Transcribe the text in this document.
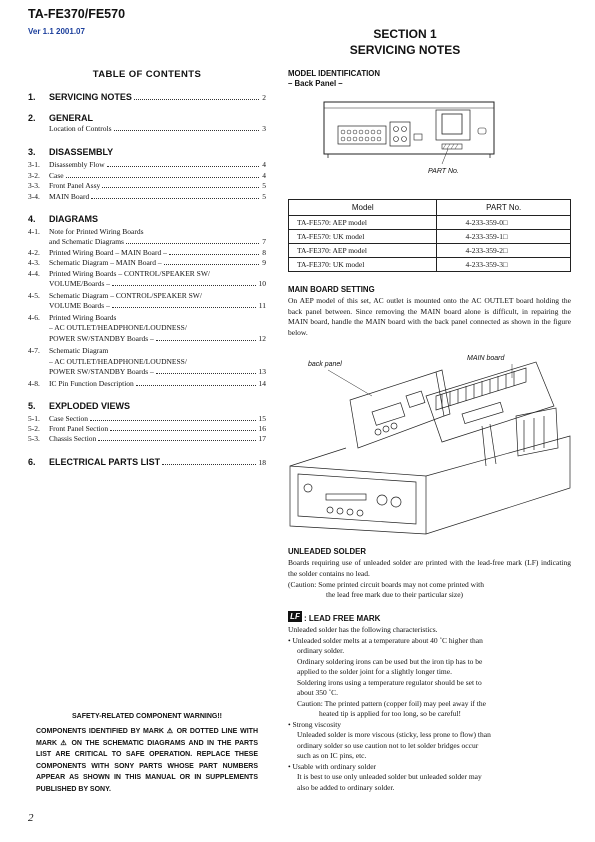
TA-FE370/FE570
Ver 1.1 2001.07	SECTION 1
SERVICING NOTES
TABLE OF CONTENTS
1.	SERVICING NOTES	2
2.	GENERAL
Location of Controls	3
3.	DISASSEMBLY
3-1.	Disassembly Flow	4
3-2.	Case	4
3-3.	Front Panel Assy	5
3-4.	MAIN Board	5
4.	DIAGRAMS
4-1.	Note for Printed Wiring Boards
and Schematic Diagrams	7
4-2.	Printed Wiring Board – MAIN Board –	8
4-3.	Schematic Diagram – MAIN Board –	9
4-4.	Printed Wiring Boards – CONTROL/SPEAKER SW/
VOLUME/Boards –	10
4-5.	Schematic Diagram – CONTROL/SPEAKER SW/
VOLUME Boards –	11
4-6.	Printed Wiring Boards
– AC OUTLET/HEADPHONE/LOUDNESS/
POWER SW/STANDBY Boards –	12
4-7.	Schematic Diagram
– AC OUTLET/HEADPHONE/LOUDNESS/
POWER SW/STANDBY Boards –	13
4-8.	IC Pin Function Description	14
5.	EXPLODED VIEWS
5-1.	Case Section	15
5-2.	Front Panel Section	16
5-3.	Chassis Section	17
6.	ELECTRICAL PARTS LIST	18
SAFETY-RELATED COMPONENT WARNING!!
COMPONENTS IDENTIFIED BY MARK ⚠ OR DOTTED LINE WITH MARK ⚠ ON THE SCHEMATIC DIAGRAMS AND IN THE PARTS LIST ARE CRITICAL TO SAFE OPERATION. REPLACE THESE COMPONENTS WITH SONY PARTS WHOSE PART NUMBERS APPEAR AS SHOWN IN THIS MANUAL OR IN SUPPLEMENTS PUBLISHED BY SONY.
2
MODEL IDENTIFICATION
– Back Panel –
PART No.
Model	PART No.
TA-FE570: AEP model	4-233-359-0□
TA-FE570: UK model	4-233-359-1□
TA-FE370: AEP model	4-233-359-2□
TA-FE370: UK model	4-233-359-3□
MAIN BOARD SETTING
On AEP model of this set, AC outlet is mounted onto the AC OUTLET board holding the back panel between. Since removing the MAIN board alone is difficult, in repairing the MAIN board, handle the MAIN board with the back panel connected as shown in the figure below.
back panel
MAIN board
UNLEADED SOLDER
Boards requiring use of unleaded solder are printed with the lead-free mark (LF) indicating the solder contains no lead.
(Caution: Some printed circuit boards may not come printed with
the lead free mark due to their particular size)
LF : LEAD FREE MARK
Unleaded solder has the following characteristics.
• Unleaded solder melts at a temperature about 40 ˚C higher than
ordinary solder.
Ordinary soldering irons can be used but the iron tip has to be
applied to the solder joint for a slightly longer time.
Soldering irons using a temperature regulator should be set to
about 350 ˚C.
Caution: The printed pattern (copper foil) may peel away if the
heated tip is applied for too long, so be careful!
• Strong viscosity
Unleaded solder is more viscous (sticky, less prone to flow) than
ordinary solder so use caution not to let solder bridges occur
such as on IC pins, etc.
• Usable with ordinary solder
It is best to use only unleaded solder but unleaded solder may
also be added to ordinary solder.
